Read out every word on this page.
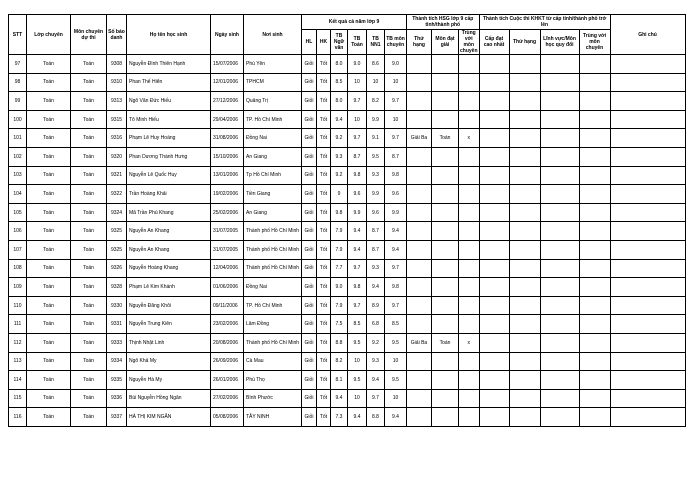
STT	Lớp chuyên	Môn chuyên dự thi	Số báo danh	Họ tên học sinh	Ngày sinh	Nơi sinh	Kết quả cả năm lớp 9						Thành tích HSG lớp 9 cấp tỉnh/thành phố			Thành tích Cuộc thi KHKT từ cấp tỉnh/thành phố trở lên				Ghi chú
							HL	HK	TB Ngữ văn	TB Toán	TB NN1	TB môn chuyên	Thứ hạng	Môn đạt giải	Trùng với môn chuyên	Cấp đạt cao nhất	Thứ hạng	Lĩnh vực/Môn học quy đổi	Trùng với môn chuyên	
97	Toán	Toán	9308	Nguyễn Đình Thiên Hạnh	15/07/2006	Phú Yên	Giỏi	Tốt	8.0	9.0	8.6	9.0								
98	Toán	Toán	9310	Phan Thế Hiển	12/01/2006	TPHCM	Giỏi	Tốt	8.5	10	10	10								
99	Toán	Toán	9313	Ngô Văn Đức Hiếu	27/12/2006	Quảng Trị	Giỏi	Tốt	8.0	9.7	8.2	9.7								
100	Toán	Toán	9315	Tô Minh Hiếu	29/04/2006	TP. Hồ Chí Minh	Giỏi	Tốt	9.4	10	9.9	10								
101	Toán	Toán	9316	Phạm Lê Huy Hoàng	31/08/2006	Đồng Nai	Giỏi	Tốt	9.2	9.7	9.1	9.7	Giải Ba	Toán	x					
102	Toán	Toán	9320	Phan Dương Thành Hưng	15/10/2006	An Giang	Giỏi	Tốt	9.3	8.7	9.5	8.7								
103	Toán	Toán	9321	Nguyễn Lê Quốc Huy	13/01/2006	Tp Hồ Chí Minh	Giỏi	Tốt	9.2	9.8	9.3	9.8								
104	Toán	Toán	9322	Trần Hoàng Khải	19/02/2006	Tiền Giang	Giỏi	Tốt	9	9.6	9.9	9.6								
105	Toán	Toán	9324	Mã Trần Phú Khang	25/02/2006	An Giang	Giỏi	Tốt	9.8	9.9	9.6	9.9								
106	Toán	Toán	9325	Nguyễn An Khang	31/07/2005	Thành phố Hồ Chí Minh	Giỏi	Tốt	7.9	9.4	8.7	9.4								
107	Toán	Toán	9325	Nguyễn An Khang	31/07/2005	Thành phố Hồ Chí Minh	Giỏi	Tốt	7.9	9.4	8.7	9.4								
108	Toán	Toán	9326	Nguyễn Hoàng Khang	12/04/2006	Thành phố Hồ Chí Minh	Giỏi	Tốt	7.7	9.7	9.3	9.7								
109	Toán	Toán	9328	Phạm Lê Kim Khánh	01/06/2006	Đồng Nai	Giỏi	Tốt	9.0	9.8	9.4	9.8								
110	Toán	Toán	9330	Nguyễn Đăng Khôi	09/11/2006	TP. Hồ Chí Minh	Giỏi	Tốt	7.9	9.7	8.9	9.7								
111	Toán	Toán	9331	Nguyễn Trung Kiên	23/02/2006	Lâm Đồng	Giỏi	Tốt	7.5	8.5	6.8	8.5								
112	Toán	Toán	9333	Thịnh Nhật Linh	20/08/2006	Thành phố Hồ Chí Minh	Giỏi	Tốt	8.8	9.5	9.2	9.5	Giải Ba	Toán	x					
113	Toán	Toán	9334	Ngô Khả My	26/09/2006	Cà Mau	Giỏi	Tốt	8.2	10	9.3	10								
114	Toán	Toán	9335	Nguyễn Hà My	26/01/2006	Phú Thọ	Giỏi	Tốt	8.1	9.5	9.4	9.5								
115	Toán	Toán	9336	Bùi Nguyễn Hồng Ngân	27/02/2006	Bình Phước	Giỏi	Tốt	9.4	10	9.7	10								
116	Toán	Toán	9337	HÀ THỊ KIM NGÂN	05/08/2006	TÂY NINH	Giỏi	Tốt	7.3	9.4	8.8	9.4								
